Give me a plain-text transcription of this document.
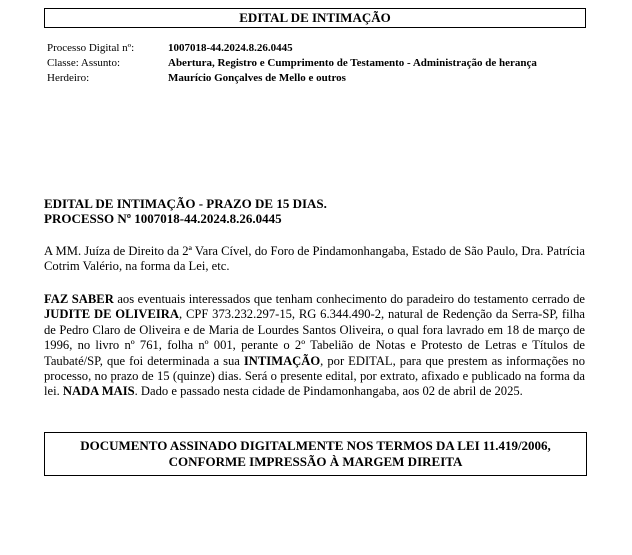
EDITAL DE INTIMAÇÃO
Processo Digital nº:	1007018-44.2024.8.26.0445
Classe: Assunto:	Abertura, Registro e Cumprimento de Testamento - Administração de herança
Herdeiro:	Maurício Gonçalves de Mello e outros
EDITAL DE INTIMAÇÃO - PRAZO DE 15 DIAS.
PROCESSO Nº 1007018-44.2024.8.26.0445
A MM. Juíza de Direito da 2ª Vara Cível, do Foro de Pindamonhangaba, Estado de São Paulo, Dra. Patrícia Cotrim Valério, na forma da Lei, etc.
FAZ SABER aos eventuais interessados que tenham conhecimento do paradeiro do testamento cerrado de JUDITE DE OLIVEIRA, CPF 373.232.297-15, RG 6.344.490-2, natural de Redenção da Serra-SP, filha de Pedro Claro de Oliveira e de Maria de Lourdes Santos Oliveira, o qual fora lavrado em 18 de março de 1996, no livro nº 761, folha nº 001, perante o 2º Tabelião de Notas e Protesto de Letras e Títulos de Taubaté/SP, que foi determinada a sua INTIMAÇÃO, por EDITAL, para que prestem as informações no processo, no prazo de 15 (quinze) dias. Será o presente edital, por extrato, afixado e publicado na forma da lei. NADA MAIS. Dado e passado nesta cidade de Pindamonhangaba, aos 02 de abril de 2025.
DOCUMENTO ASSINADO DIGITALMENTE NOS TERMOS DA LEI 11.419/2006,
CONFORME IMPRESSÃO À MARGEM DIREITA
